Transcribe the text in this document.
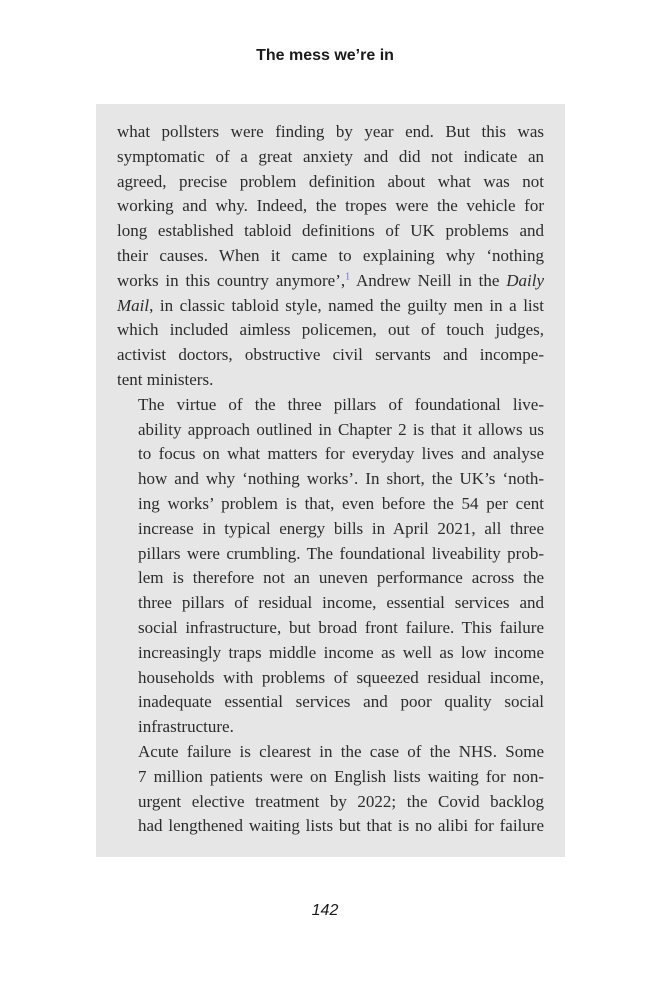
The mess we’re in

what pollsters were finding by year end. But this was
symptomatic of a great anxiety and did not indicate an
agreed, precise problem definition about what was not
working and why. Indeed, the tropes were the vehicle for
long established tabloid definitions of UK problems and
their causes. When it came to explaining why ‘nothing
works in this country anymore’,$^1$ Andrew Neill in the Daily
Mail, in classic tabloid style, named the guilty men in a list
which included aimless policemen, out of touch judges,
activist doctors, obstructive civil servants and incompe-
tent ministers.

The virtue of the three pillars of foundational live-
ability approach outlined in Chapter 2 is that it allows us
to focus on what matters for everyday lives and analyse
how and why ‘nothing works’. In short, the UK’s ‘noth-
ing works’ problem is that, even before the 54 per cent
increase in typical energy bills in April 2021, all three
pillars were crumbling. The foundational liveability prob-
lem is therefore not an uneven performance across the
three pillars of residual income, essential services and
social infrastructure, but broad front failure. This failure
increasingly traps middle income as well as low income
households with problems of squeezed residual income,
inadequate essential services and poor quality social
infrastructure.

Acute failure is clearest in the case of the NHS. Some
7 million patients were on English lists waiting for non-
urgent elective treatment by 2022; the Covid backlog
had lengthened waiting lists but that is no alibi for failure

142
